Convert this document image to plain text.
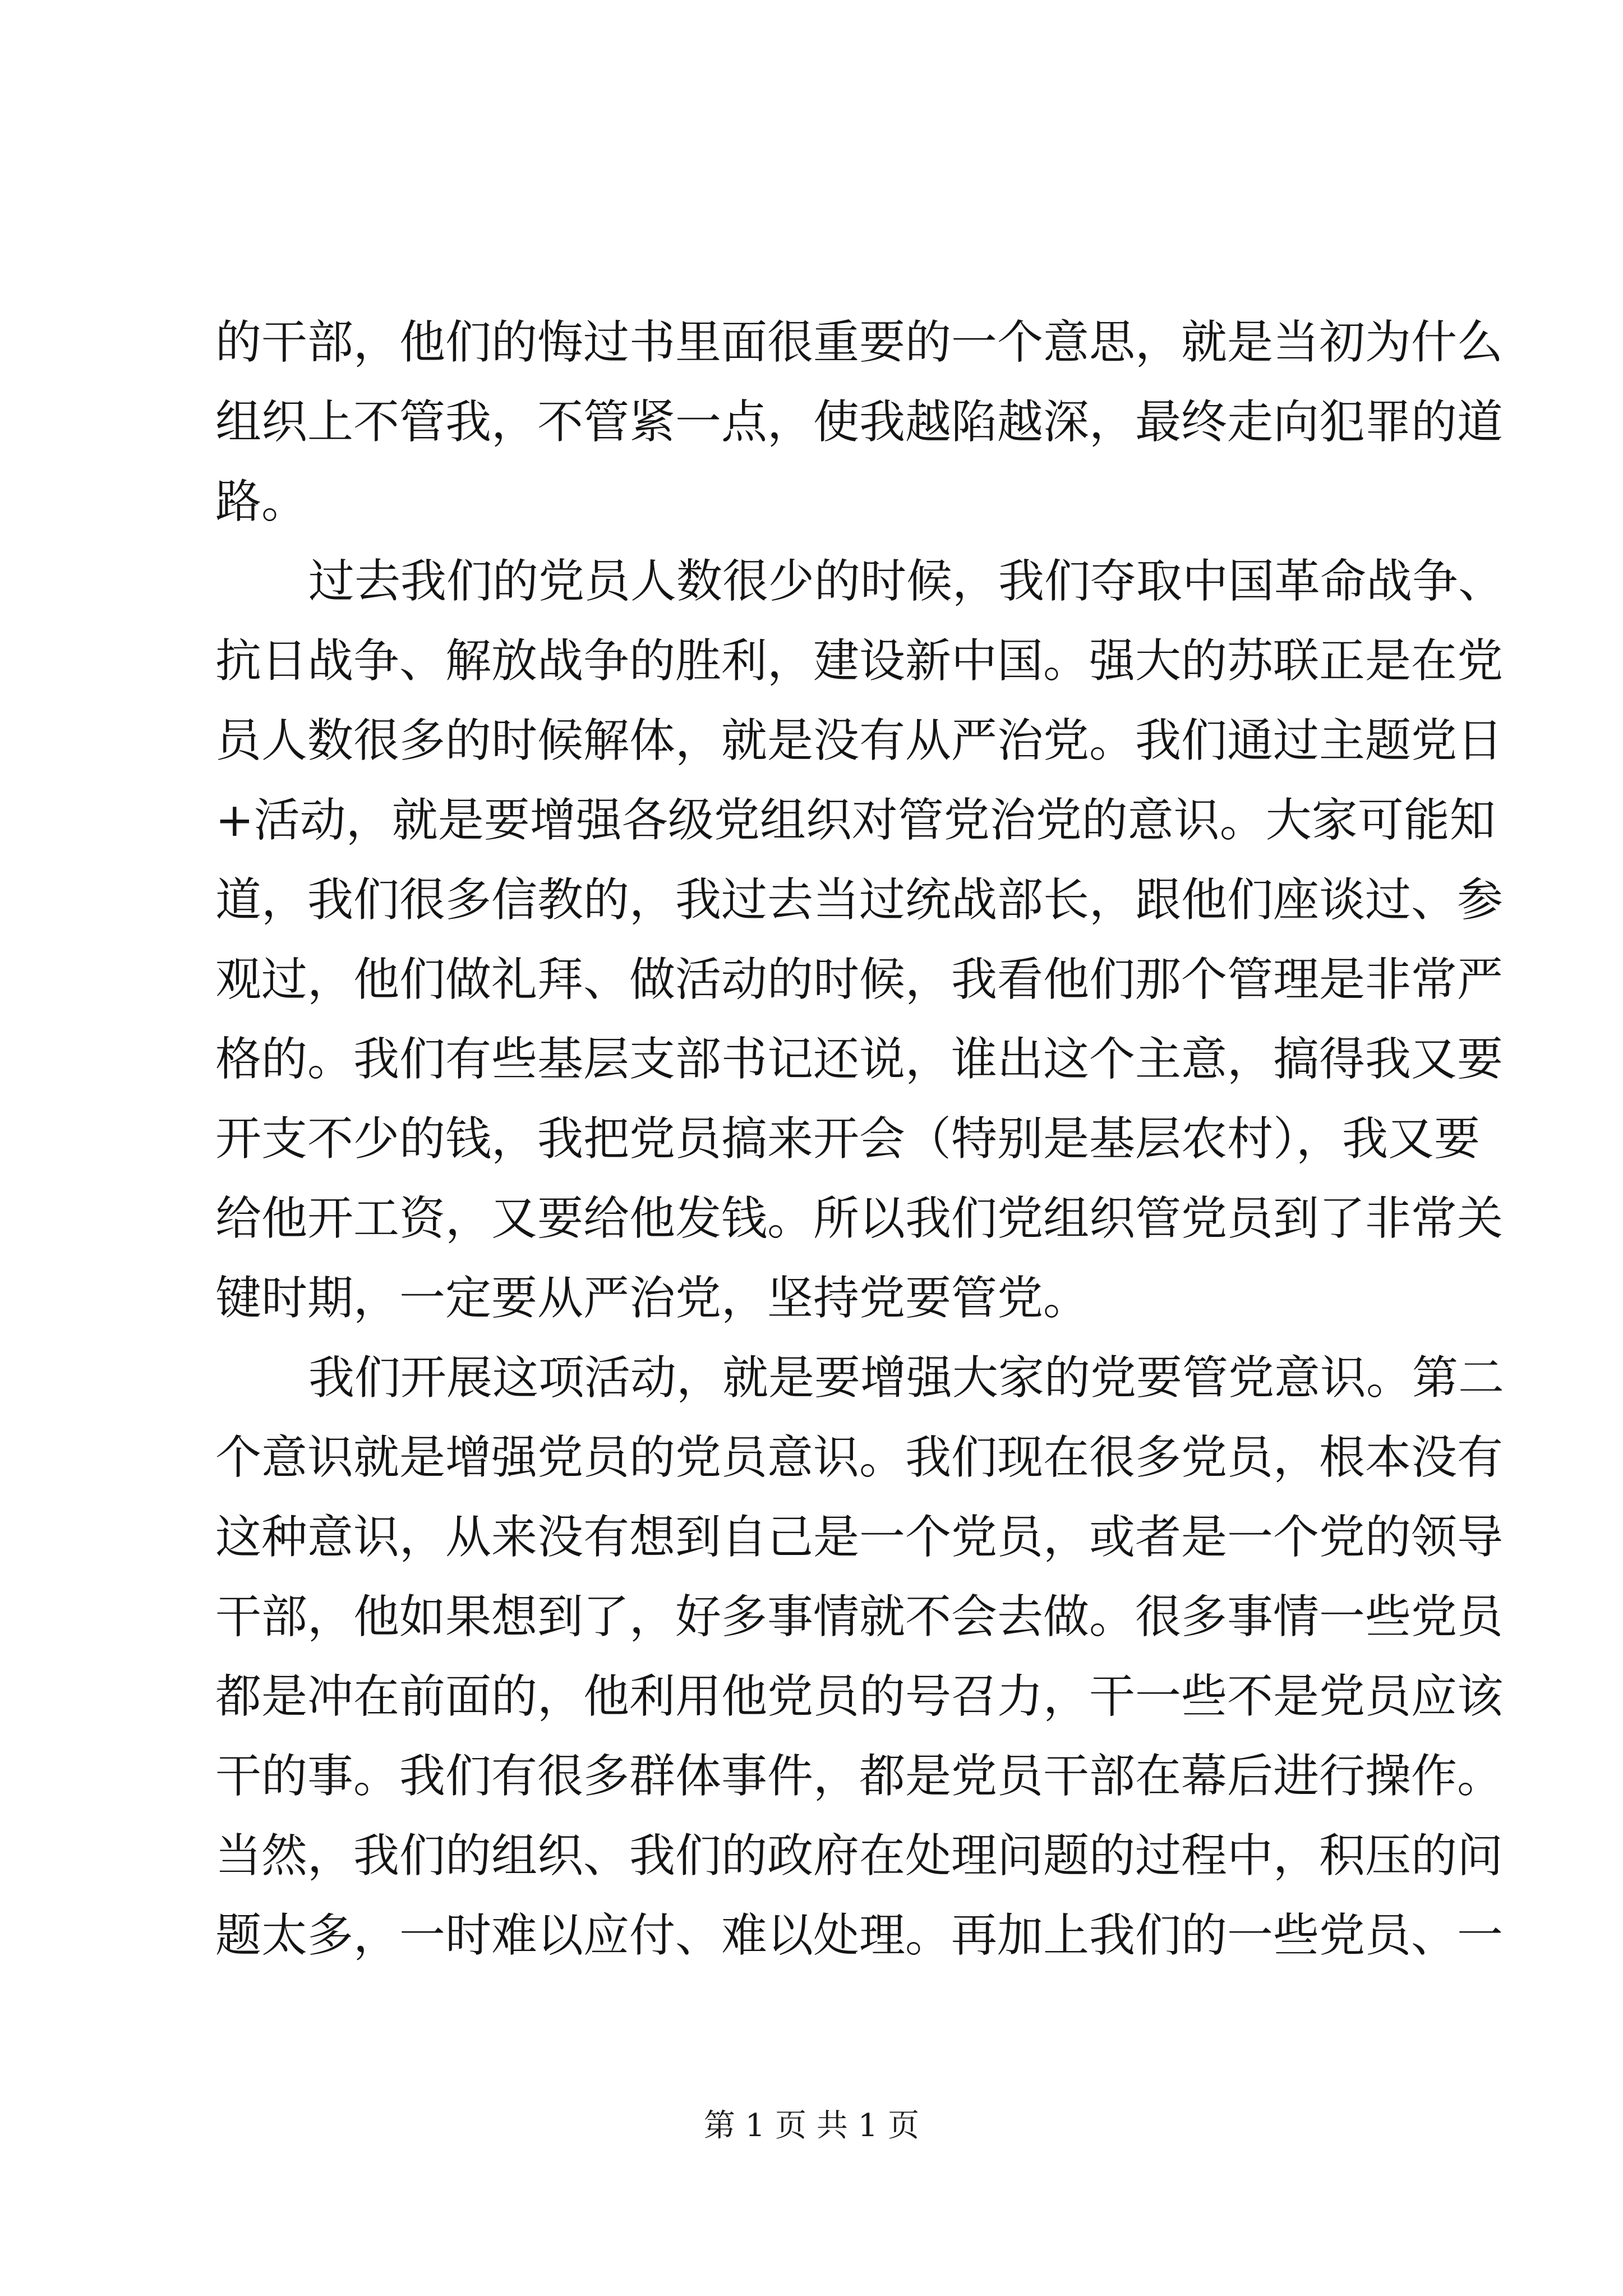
的干部，他们的悔过书里面很重要的一个意思，就是当初为什么
组织上不管我，不管紧一点，使我越陷越深，最终走向犯罪的道
路。
过去我们的党员人数很少的时候，我们夺取中国革命战争、
抗日战争、解放战争的胜利，建设新中国。强大的苏联正是在党
员人数很多的时候解体，就是没有从严治党。我们通过主题党日
+活动，就是要增强各级党组织对管党治党的意识。大家可能知
道，我们很多信教的，我过去当过统战部长，跟他们座谈过、参
观过，他们做礼拜、做活动的时候，我看他们那个管理是非常严
格的。我们有些基层支部书记还说，谁出这个主意，搞得我又要
开支不少的钱，我把党员搞来开会（特别是基层农村），我又要
给他开工资，又要给他发钱。所以我们党组织管党员到了非常关
键时期，一定要从严治党，坚持党要管党。
我们开展这项活动，就是要增强大家的党要管党意识。第二
个意识就是增强党员的党员意识。我们现在很多党员，根本没有
这种意识，从来没有想到自己是一个党员，或者是一个党的领导
干部，他如果想到了，好多事情就不会去做。很多事情一些党员
都是冲在前面的，他利用他党员的号召力，干一些不是党员应该
干的事。我们有很多群体事件，都是党员干部在幕后进行操作。
当然，我们的组织、我们的政府在处理问题的过程中，积压的问
题太多，一时难以应付、难以处理。再加上我们的一些党员、一
第 1 页 共 1 页
